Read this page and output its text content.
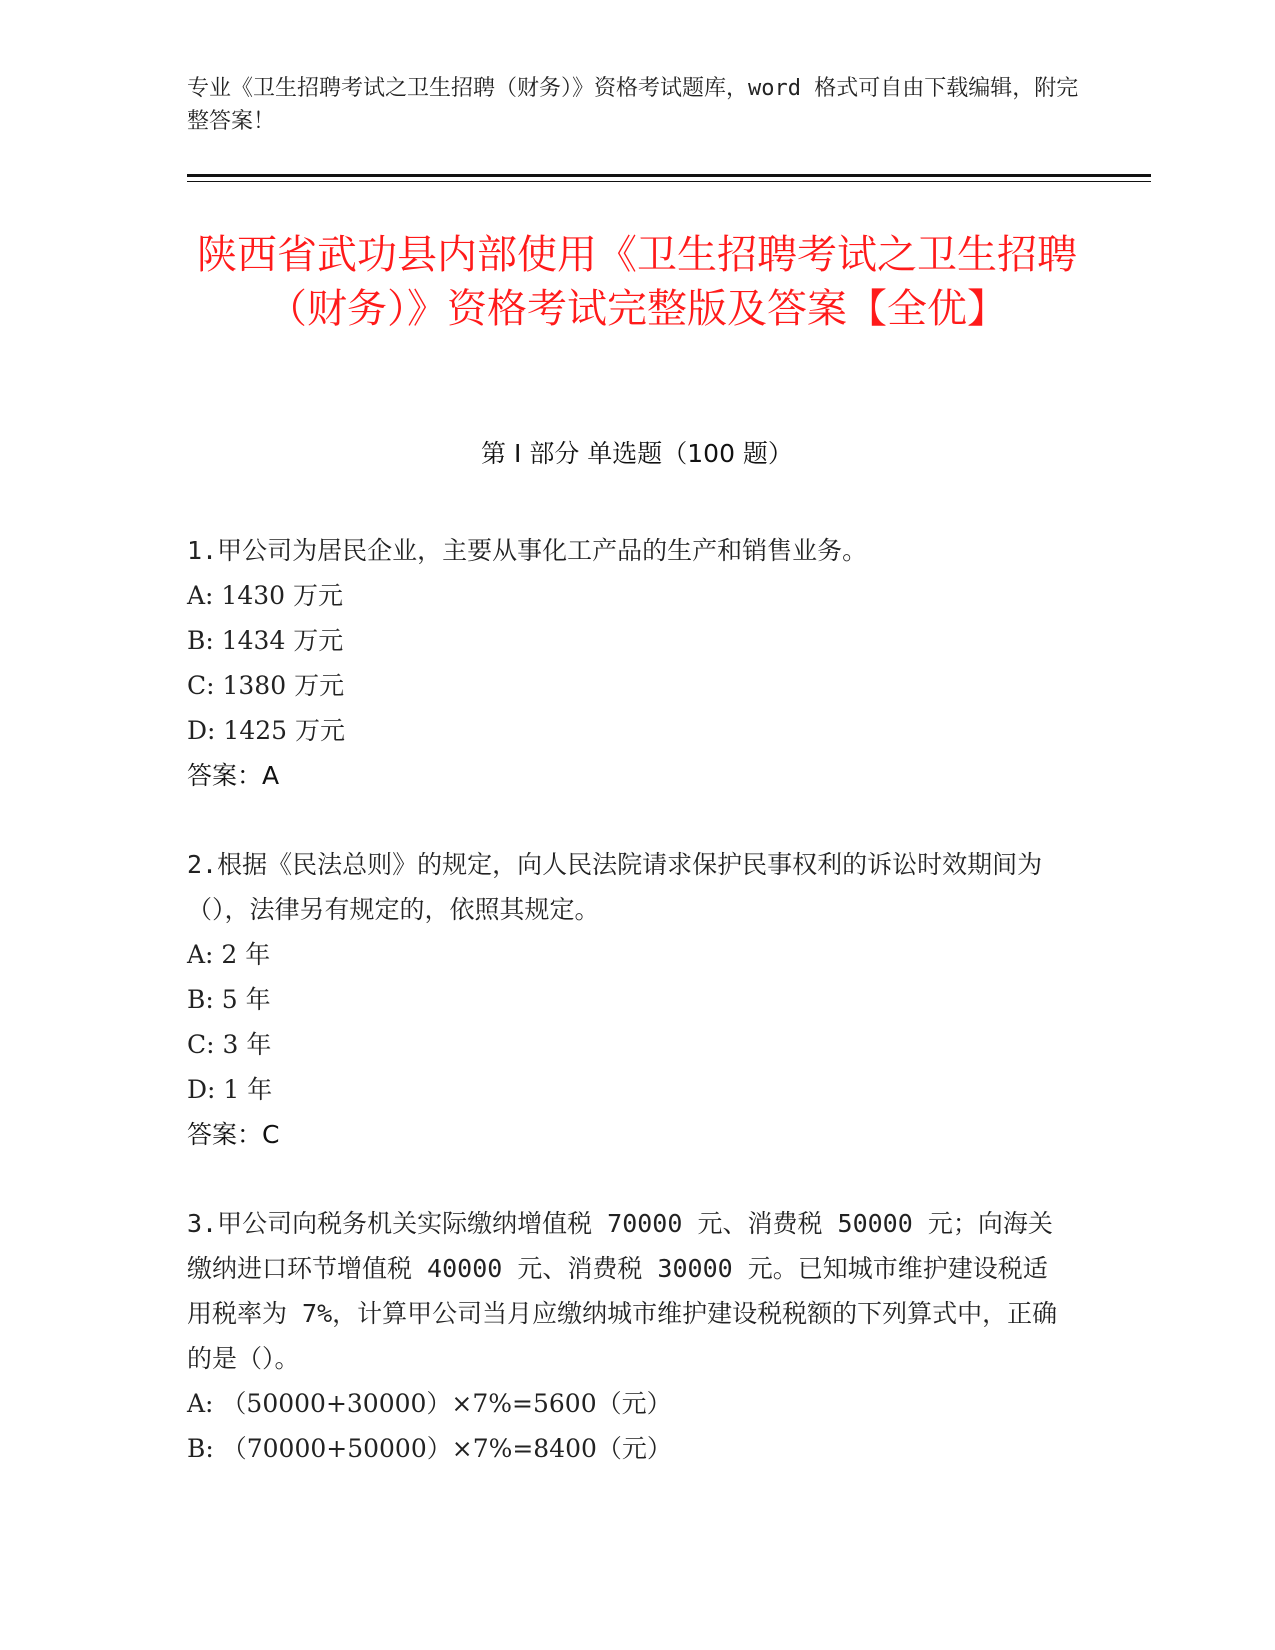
专业《卫生招聘考试之卫生招聘（财务）》资格考试题库，word 格式可自由下载编辑，附完整答案！
陕西省武功县内部使用《卫生招聘考试之卫生招聘（财务）》资格考试完整版及答案【全优】
第 I 部分 单选题（100 题）

1.甲公司为居民企业，主要从事化工产品的生产和销售业务。

A: 1430 万元

B: 1434 万元

C: 1380 万元

D: 1425 万元

答案：A

2.根据《民法总则》的规定，向人民法院请求保护民事权利的诉讼时效期间为（），法律另有规定的，依照其规定。

A: 2 年

B: 5 年

C: 3 年

D: 1 年

答案：C

3.甲公司向税务机关实际缴纳增值税 70000 元、消费税 50000 元；向海关缴纳进口环节增值税 40000 元、消费税 30000 元。已知城市维护建设税适用税率为 7%，计算甲公司当月应缴纳城市维护建设税税额的下列算式中，正确的是（）。

A: （50000+30000）×7%=5600（元）

B: （70000+50000）×7%=8400（元）
